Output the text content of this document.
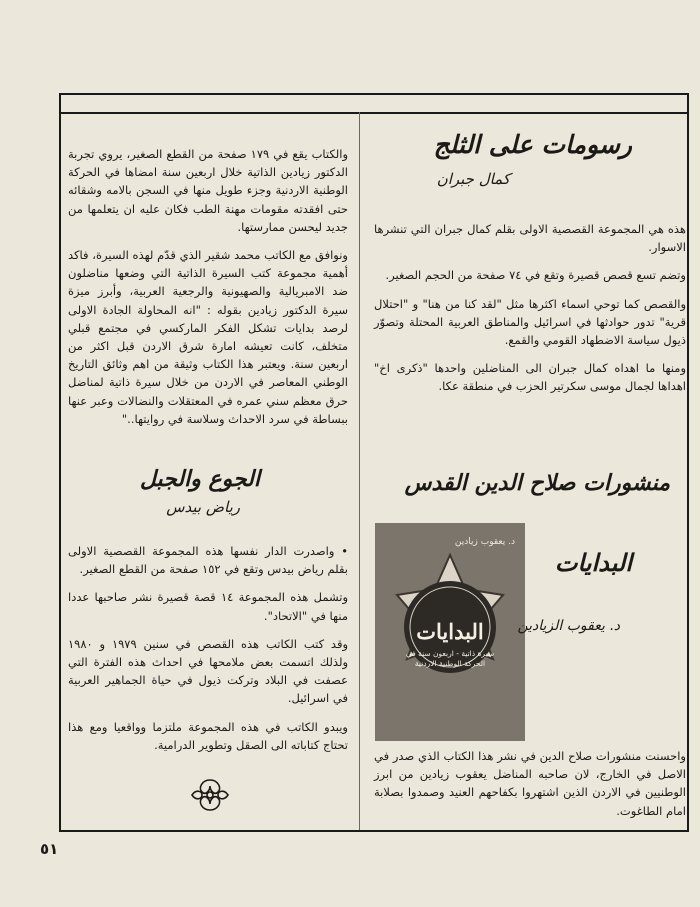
رسومات على الثلج
كمال جبران

هذه هي المجموعة القصصية الاولى بقلم كمال جبران التي تنشرها الاسوار.

وتضم تسع قصص قصيرة وتقع في ٧٤ صفحة من الحجم الصغير.

والقصص كما توحي اسماء اكثرها مثل "لقد كنا من هنا" و "احتلال قرية" تدور حوادثها في اسرائيل والمناطق العربية المحتلة وتصوّر ذيول سياسة الاضطهاد القومي والقمع.

ومنها ما اهداه كمال جبران الى المناضلين واحدها "ذكرى اخ" اهداها لجمال موسى سكرتير الحزب في منطقة عكا.

منشورات صلاح الدين القدس
د. يعقوب زيادين
البدايات
سيرة ذاتية - اربعون سنة في الحركة الوطنية الاردنية
البدايات
د. يعقوب الزيادين

واحسنت منشورات صلاح الدين في نشر هذا الكتاب الذي صدر في الاصل في الخارج، لان صاحبه المناضل يعقوب زيادين من ابرز الوطنيين في الاردن الذين اشتهروا بكفاحهم العنيد وصمدوا بصلابة امام الطاغوت.

والكتاب يقع في ١٧٩ صفحة من القطع الصغير، يروي تجربة الدكتور زيادين الذاتية خلال اربعين سنة امضاها في الحركة الوطنية الاردنية وجزء طويل منها في السجن بالامه وشقائه حتى افقدته مقومات مهنة الطب فكان عليه ان يتعلمها من جديد ليحسن ممارستها.

ونوافق مع الكاتب محمد شقير الذي قدّم لهذه السيرة، فاكد أهمية مجموعة كتب السيرة الذاتية التي وضعها مناضلون ضد الامبريالية والصهيونية والرجعية العربية، وأبرز ميزة سيرة الدكتور زيادين بقوله : "انه المحاولة الجادة الاولى لرصد بدايات تشكل الفكر الماركسي في مجتمع قبلي متخلف، كانت تعيشه امارة شرق الاردن قبل اكثر من اربعين سنة. ويعتبر هذا الكتاب وثيقة من اهم وثائق التاريخ الوطني المعاصر في الاردن من خلال سيرة ذاتية لمناضل حرق معظم سني عمره في المعتقلات والنضالات وعبر عنها ببساطة في سرد الاحداث وسلاسة في روايتها.."

الجوع والجبل
رياض بيدس

• واصدرت الدار نفسها هذه المجموعة القصصية الاولى بقلم رياض بيدس وتقع في ١٥٢ صفحة من القطع الصغير.

وتشمل هذه المجموعة ١٤ قصة قصيرة نشر صاحبها عددا منها في "الاتحاد".

وقد كتب الكاتب هذه القصص في سنين ١٩٧٩ و ١٩٨٠ ولذلك اتسمت بعض ملامحها في احداث هذه الفترة التي عصفت في البلاد وتركت ذيول في حياة الجماهير العربية في اسرائيل.

ويبدو الكاتب في هذه المجموعة ملتزما وواقعيا ومع هذا تحتاج كتاباته الى الصقل وتطوير الدرامية.

٥١
